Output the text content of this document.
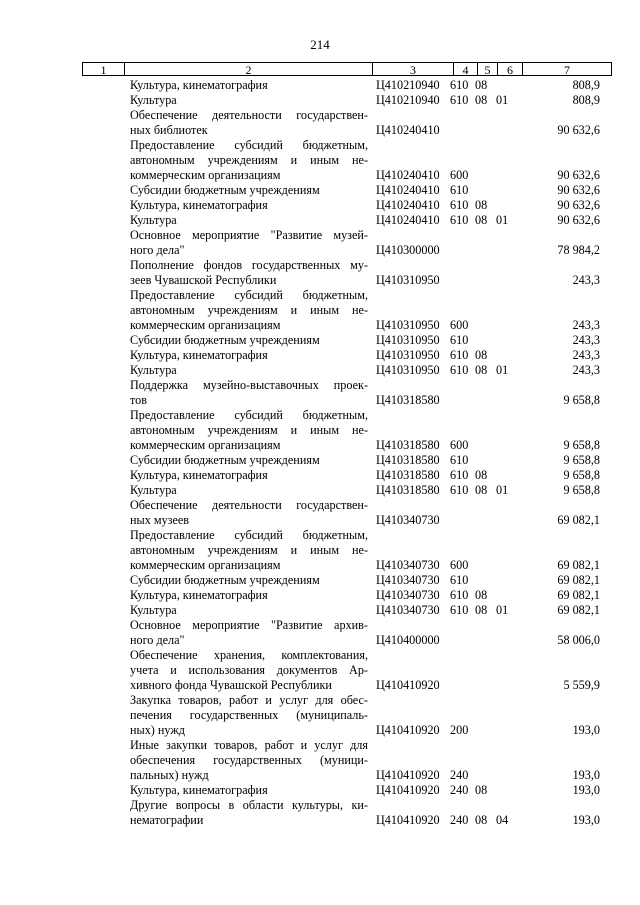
214
1	2	3	4	5	6	7
Культура, кинематография	Ц410210940 610 08	808,9
Культура	Ц410210940 610 08 01	808,9
Обеспечение деятельности государствен-
ных библиотек	Ц410240410	90 632,6
Предоставление субсидий бюджетным,
автономным учреждениям и иным не-
коммерческим организациям	Ц410240410 600	90 632,6
Субсидии бюджетным учреждениям	Ц410240410 610	90 632,6
Культура, кинематография	Ц410240410 610 08	90 632,6
Культура	Ц410240410 610 08 01	90 632,6
Основное мероприятие "Развитие музей-
ного дела"	Ц410300000	78 984,2
Пополнение фондов государственных му-
зеев Чувашской Республики	Ц410310950	243,3
Предоставление субсидий бюджетным,
автономным учреждениям и иным не-
коммерческим организациям	Ц410310950 600	243,3
Субсидии бюджетным учреждениям	Ц410310950 610	243,3
Культура, кинематография	Ц410310950 610 08	243,3
Культура	Ц410310950 610 08 01	243,3
Поддержка музейно-выставочных проек-
тов	Ц410318580	9 658,8
Предоставление субсидий бюджетным,
автономным учреждениям и иным не-
коммерческим организациям	Ц410318580 600	9 658,8
Субсидии бюджетным учреждениям	Ц410318580 610	9 658,8
Культура, кинематография	Ц410318580 610 08	9 658,8
Культура	Ц410318580 610 08 01	9 658,8
Обеспечение деятельности государствен-
ных музеев	Ц410340730	69 082,1
Предоставление субсидий бюджетным,
автономным учреждениям и иным не-
коммерческим организациям	Ц410340730 600	69 082,1
Субсидии бюджетным учреждениям	Ц410340730 610	69 082,1
Культура, кинематография	Ц410340730 610 08	69 082,1
Культура	Ц410340730 610 08 01	69 082,1
Основное мероприятие "Развитие архив-
ного дела"	Ц410400000	58 006,0
Обеспечение хранения, комплектования,
учета и использования документов Ар-
хивного фонда Чувашской Республики	Ц410410920	5 559,9
Закупка товаров, работ и услуг для обес-
печения государственных (муниципаль-
ных) нужд	Ц410410920 200	193,0
Иные закупки товаров, работ и услуг для
обеспечения государственных (муници-
пальных) нужд	Ц410410920 240	193,0
Культура, кинематография	Ц410410920 240 08	193,0
Другие вопросы в области культуры, ки-
нематографии	Ц410410920 240 08 04	193,0
